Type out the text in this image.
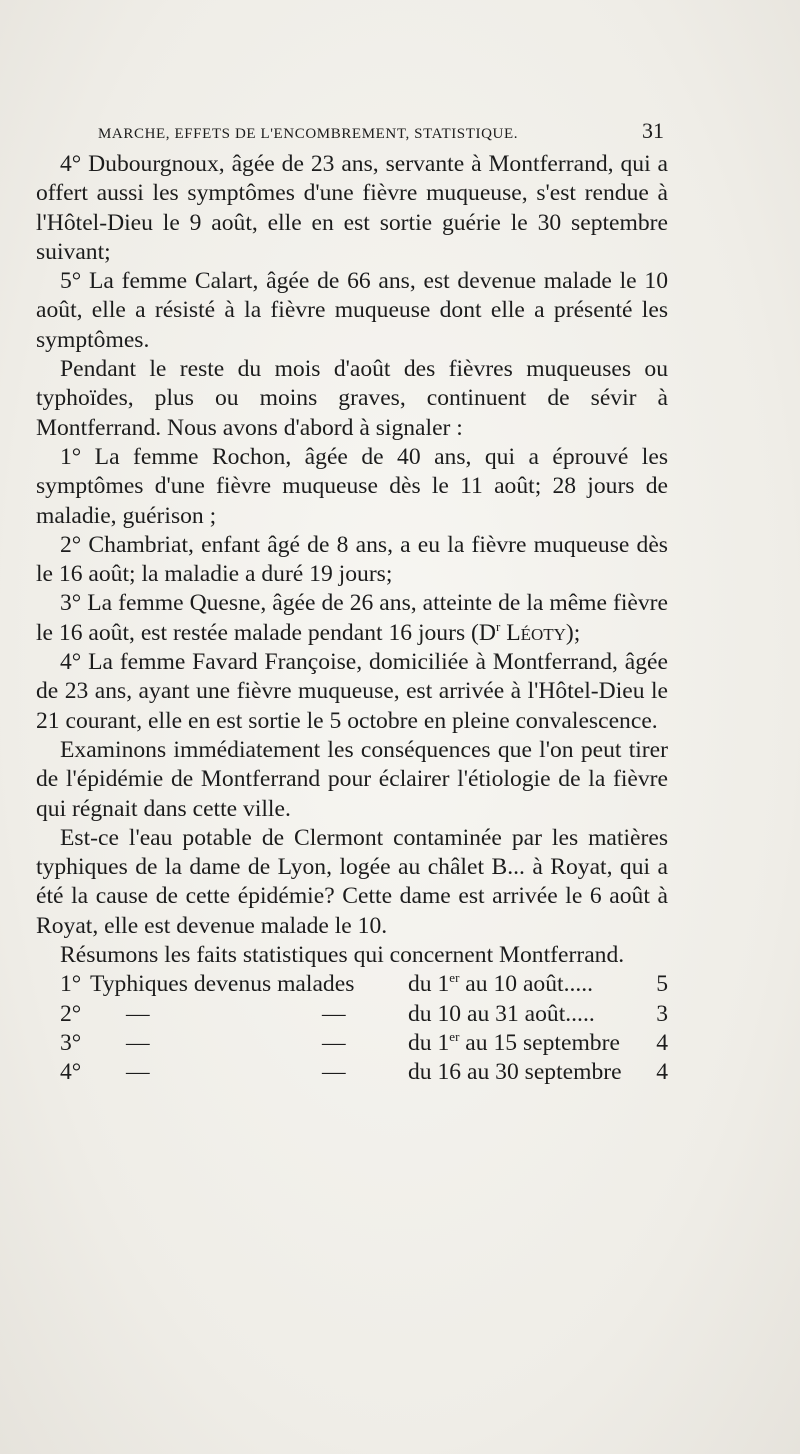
MARCHE, EFFETS DE L'ENCOMBREMENT, STATISTIQUE.	31

4° Dubourgnoux, âgée de 23 ans, servante à Montferrand, qui a offert aussi les symptômes d'une fièvre muqueuse, s'est rendue à l'Hôtel-Dieu le 9 août, elle en est sortie guérie le 30 septembre suivant;

5° La femme Calart, âgée de 66 ans, est devenue malade le 10 août, elle a résisté à la fièvre muqueuse dont elle a présenté les symptômes.

Pendant le reste du mois d'août des fièvres muqueuses ou typhoïdes, plus ou moins graves, continuent de sévir à Montferrand. Nous avons d'abord à signaler :

1° La femme Rochon, âgée de 40 ans, qui a éprouvé les symptômes d'une fièvre muqueuse dès le 11 août; 28 jours de maladie, guérison ;

2° Chambriat, enfant âgé de 8 ans, a eu la fièvre muqueuse dès le 16 août; la maladie a duré 19 jours;

3° La femme Quesne, âgée de 26 ans, atteinte de la même fièvre le 16 août, est restée malade pendant 16 jours ($D^r$ Léoty);

4° La femme Favard Françoise, domiciliée à Montferrand, âgée de 23 ans, ayant une fièvre muqueuse, est arrivée à l'Hôtel-Dieu le 21 courant, elle en est sortie le 5 octobre en pleine convalescence.

Examinons immédiatement les conséquences que l'on peut tirer de l'épidémie de Montferrand pour éclairer l'étiologie de la fièvre qui régnait dans cette ville.

Est-ce l'eau potable de Clermont contaminée par les matières typhiques de la dame de Lyon, logée au châlet B... à Royat, qui a été la cause de cette épidémie? Cette dame est arrivée le 6 août à Royat, elle est devenue malade le 10.

Résumons les faits statistiques qui concernent Montferrand.

1° Typhiques devenus malades du 1er au 10 août.....	5
2° —	—	du 10 au 31 août.....	3
3° —	—	du 1er au 15 septembre 4
4° —	—	du 16 au 30 septembre 4
